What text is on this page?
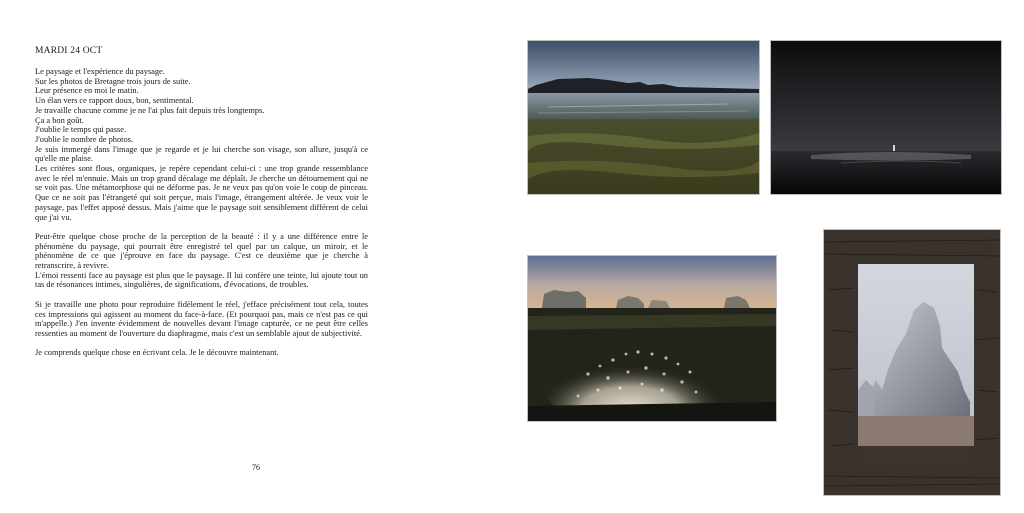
MARDI 24 OCT
Le paysage et l'expérience du paysage.
Sur les photos de Bretagne trois jours de suite.
Leur présence en moi le matin.
Un élan vers ce rapport doux, bon, sentimental.
Je travaille chacune comme je ne l'ai plus fait depuis très longtemps.
Ça a bon goût.
J'oublie le temps qui passe.
J'oublie le nombre de photos.
Je suis immergé dans l'image que je regarde et je lui cherche son visage, son allure, jusqu'à ce qu'elle me plaise.
Les critères sont flous, organiques, je repère cependant celui-ci : une trop grande ressemblance avec le réel m'ennuie. Mais un trop grand décalage me déplaît. Je cherche un détournement qui ne se voit pas. Une métamorphose qui ne déforme pas. Je ne veux pas qu'on voie le coup de pinceau. Que ce ne soit pas l'étrangeté qui soit perçue, mais l'image, étrangement altérée. Je veux voir le paysage, pas l'effet apposé dessus. Mais j'aime que le paysage soit sensiblement différent de celui que j'ai vu.
Peut-être quelque chose proche de la perception de la beauté : il y a une différence entre le phénomène du paysage, qui pourrait être enregistré tel quel par un calque, un miroir, et le phénomène de ce que j'éprouve en face du paysage. C'est ce deuxième que je cherche à retranscrire, à revivre.
L'émoi ressenti face au paysage est plus que le paysage. Il lui confère une teinte, lui ajoute tout un tas de résonances intimes, singulières, de significations, d'évocations, de troubles.
Si je travaille une photo pour reproduire fidèlement le réel, j'efface précisément tout cela, toutes ces impressions qui agissent au moment du face-à-face. (Et pourquoi pas, mais ce n'est pas ce qui m'appelle.) J'en invente évidemment de nouvelles devant l'image capturée, ce ne peut être celles ressenties au moment de l'ouverture du diaphragme, mais c'est un semblable ajout de subjectivité.
Je comprends quelque chose en écrivant cela. Je le découvre maintenant.
76
